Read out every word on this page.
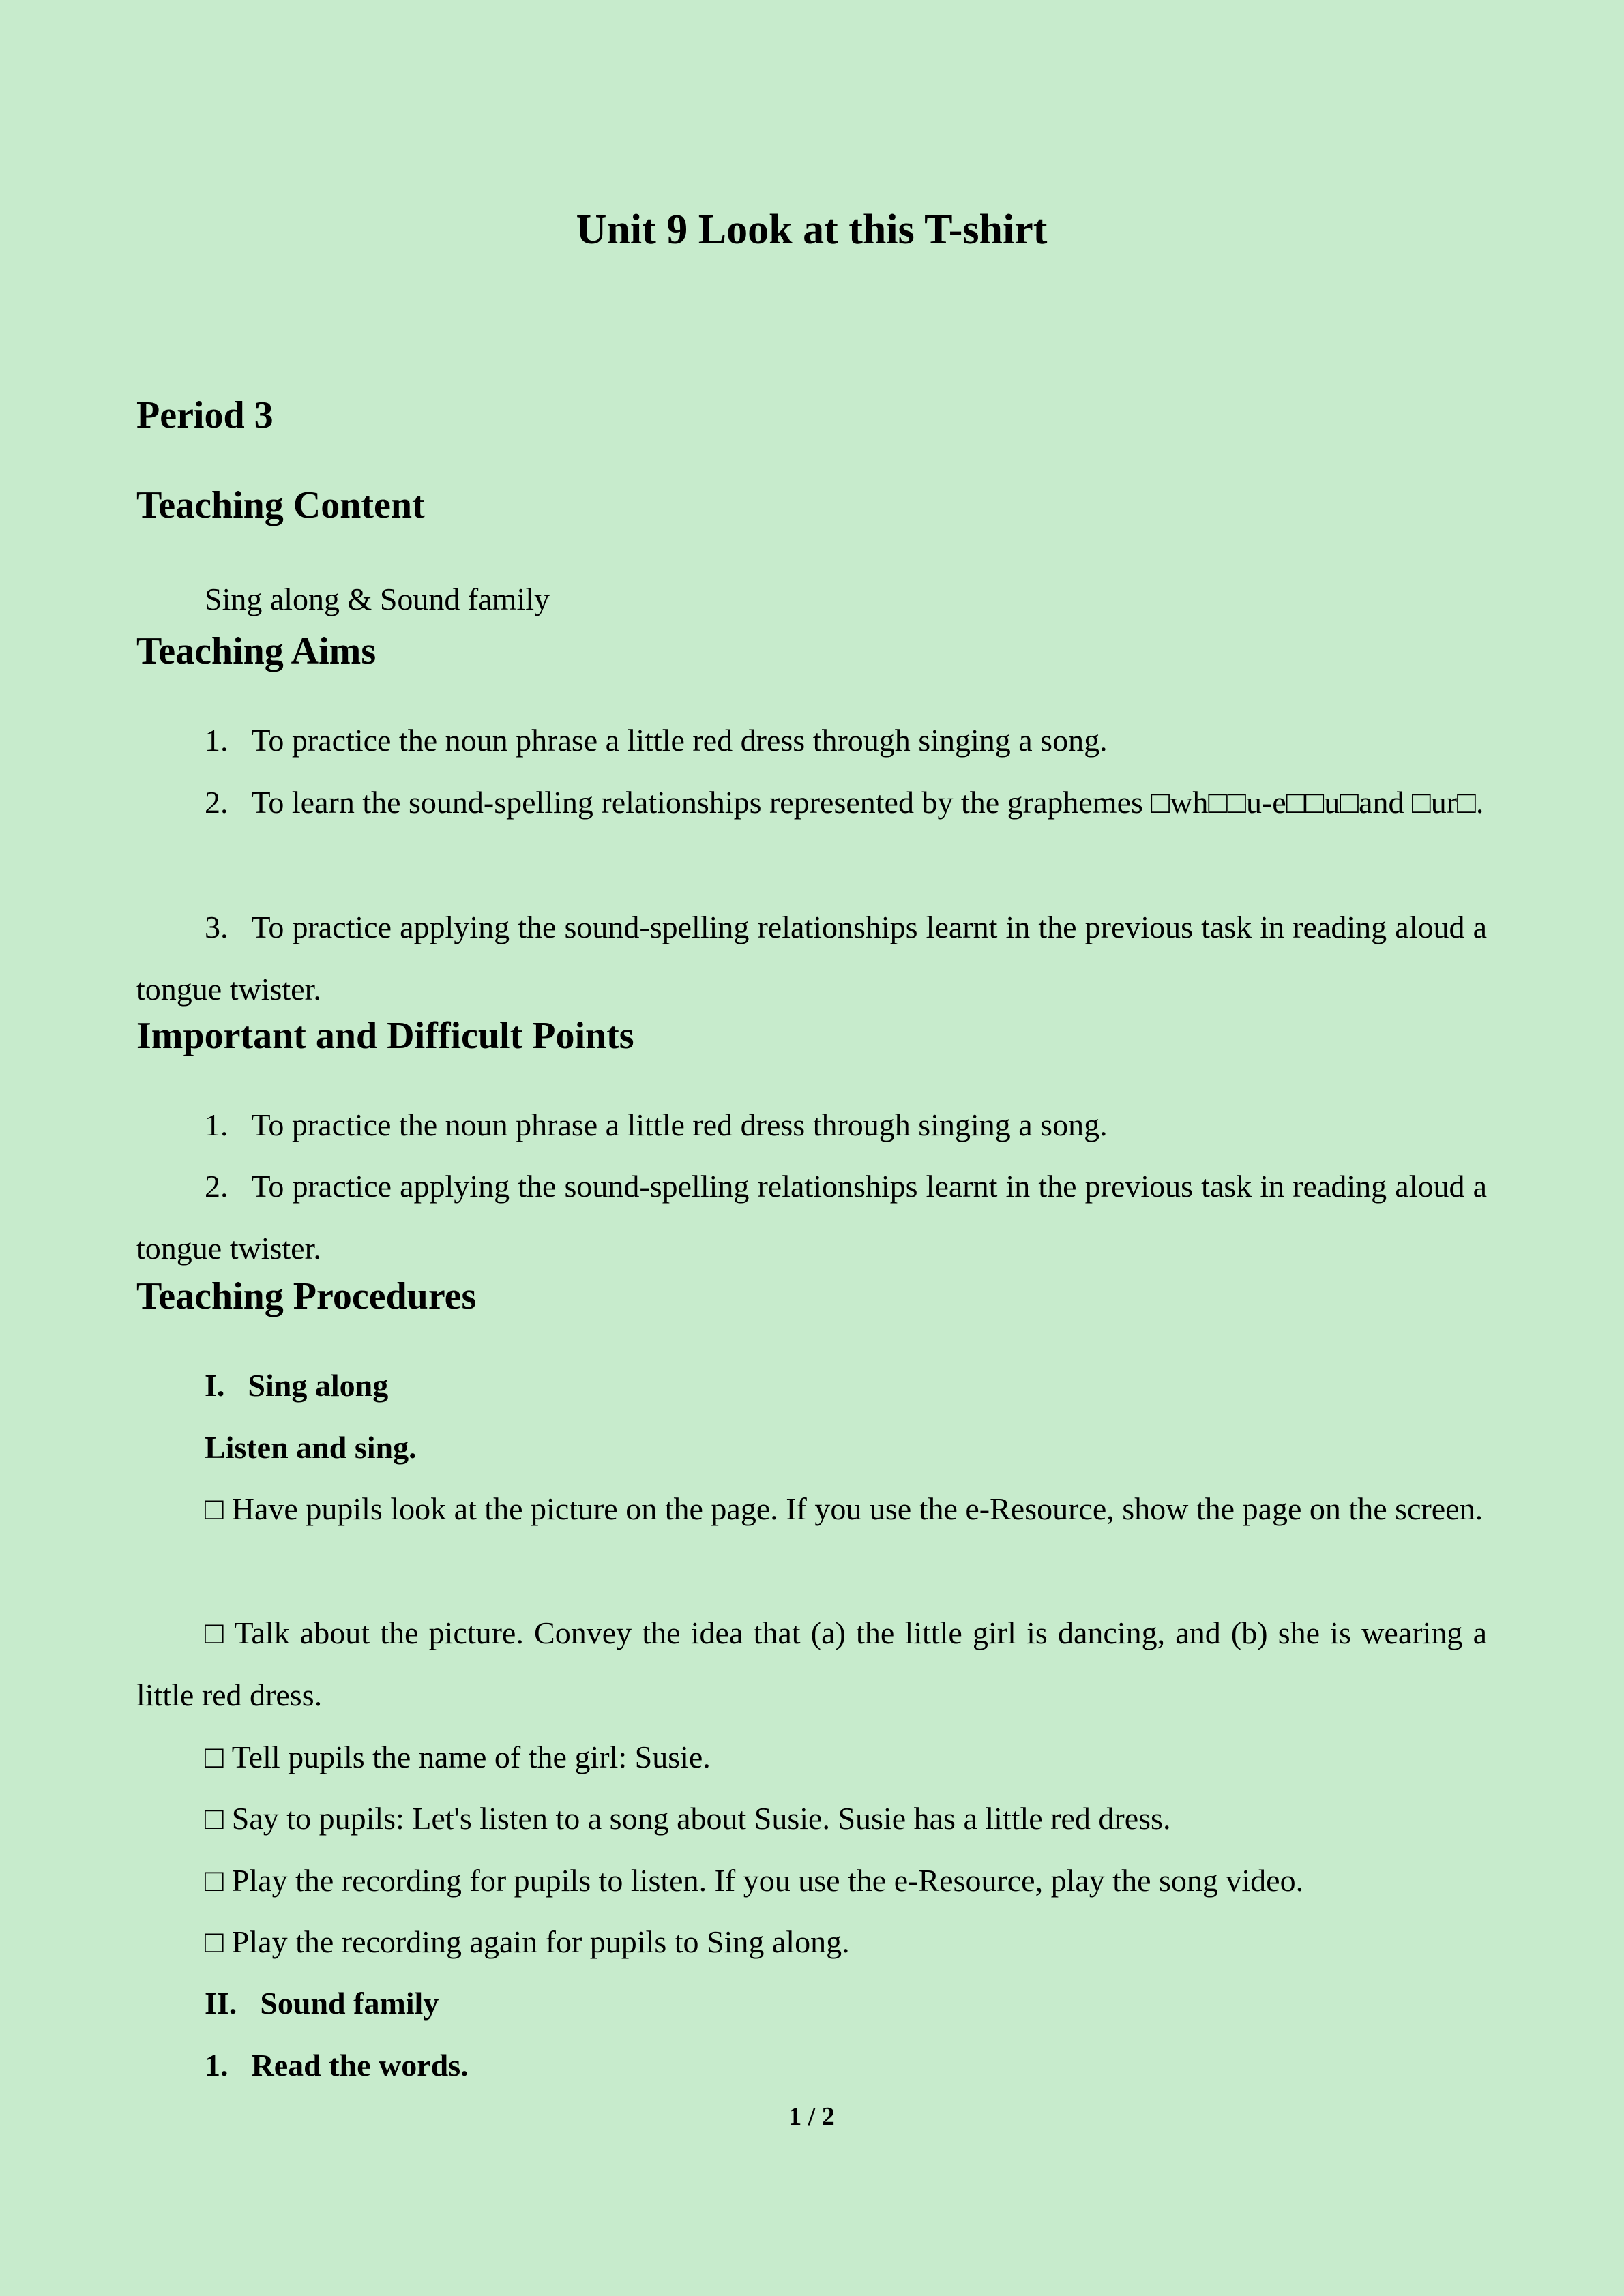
Unit 9 Look at this T-shirt
Period 3
Teaching Content

Sing along & Sound family

Teaching Aims

1. To practice the noun phrase a little red dress through singing a song.

2. To learn the sound-spelling relationships represented by the graphemes □wh□□u-e□□u□and □ur□.

3. To practice applying the sound-spelling relationships learnt in the previous task in reading aloud a tongue twister.

Important and Difficult Points

1. To practice the noun phrase a little red dress through singing a song.

2. To practice applying the sound-spelling relationships learnt in the previous task in reading aloud a tongue twister.

Teaching Procedures

I. Sing along

Listen and sing.

□ Have pupils look at the picture on the page. If you use the e-Resource, show the page on the screen.

□ Talk about the picture. Convey the idea that (a) the little girl is dancing, and (b) she is wearing a little red dress.

□ Tell pupils the name of the girl: Susie.

□ Say to pupils: Let's listen to a song about Susie. Susie has a little red dress.

□ Play the recording for pupils to listen. If you use the e-Resource, play the song video.

□ Play the recording again for pupils to Sing along.

II. Sound family

1. Read the words.

1 / 2
